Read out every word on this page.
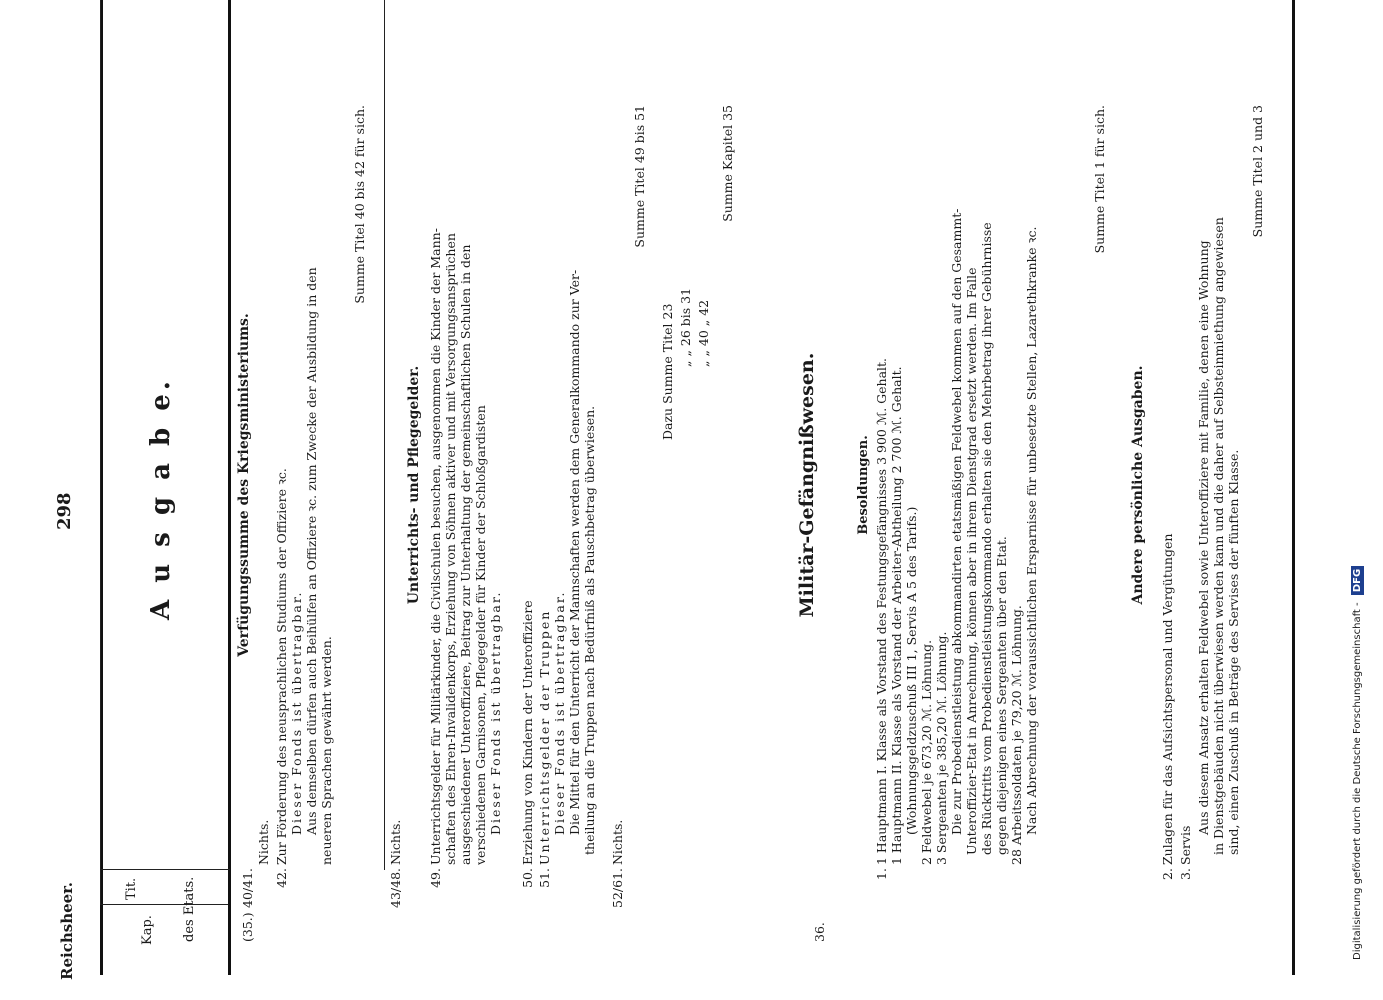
Reichsheer.
298
Kap.
Tit.	des Etats.
A u s g a b e.
(35.)
40/41.
Verfügungssumme des Kriegsministeriums.
Nichts.
42.
Zur Förderung des neusprachlichen Studiums der Offiziere ꝛc. Dieser Fonds ist übertragbar. Aus demselben dürfen auch Beihülfen an Offiziere ꝛc. zum Zwecke der Ausbildung in den neueren Sprachen gewährt werden.
Summe Titel 40 bis 42 für sich.
43/48.
Nichts.
Unterrichts- und Pflegegelder.
49.
Unterrichtsgelder für Militärkinder, die Civilschulen besuchen, ausgenommen die Kinder der Mann- schaften des Ehren-Invalidenkorps, Erziehung von Söhnen aktiver und mit Versorgungsansprüchen ausgeschiedener Unteroffiziere, Beitrag zur Unterhaltung der gemeinschaftlichen Schulen in den verschiedenen Garnisonen, Pflegegelder für Kinder der Schloßgardisten Dieser Fonds ist übertragbar.
50.
Erziehung von Kindern der Unteroffiziere
51.
Unterrichtsgelder der Truppen Dieser Fonds ist übertragbar. Die Mittel für den Unterricht der Mannschaften werden dem Generalkommando zur Ver- theilung an die Truppen nach Bedürfniß als Pauschbetrag überwiesen.
52/61.
Nichts.
Summe Titel 49 bis 51
Dazu Summe Titel 23 „ „ 26 bis 31 „ „ 40 „ 42
Summe Kapitel 35
36.
Militär-Gefängnißwesen.	Besoldungen.
1.
1 Hauptmann I. Klasse als Vorstand des Festungsgefängnisses 3 900 ℳ. Gehalt. 1 Hauptmann II. Klasse als Vorstand der Arbeiter-Abtheilung 2 700 ℳ. Gehalt. (Wohnungsgeldzuschuß III 1, Servis A 5 des Tarifs.) 2 Feldwebel je 673,20 ℳ. Löhnung. 3 Sergeanten je 385,20 ℳ. Löhnung. Die zur Probedienstleistung abkommandirten etatsmäßigen Feldwebel kommen auf den Gesammt- Unteroffizier-Etat in Anrechnung, können aber in ihrem Dienstgrad ersetzt werden. Im Falle des Rücktritts vom Probedienstleistungskommando erhalten sie den Mehrbetrag ihrer Gebührnisse gegen diejenigen eines Sergeanten über den Etat. 28 Arbeitssoldaten je 79,20 ℳ. Löhnung. Nach Abrechnung der voraussichtlichen Ersparnisse für unbesetzte Stellen, Lazarethkranke ꝛc.
Summe Titel 1 für sich.
Andere persönliche Ausgaben.
2.
Zulagen für das Aufsichtspersonal und Vergütungen
3.
Servis
Aus diesem Ansatz erhalten Feldwebel sowie Unteroffiziere mit Familie, denen eine Wohnung in Dienstgebäuden nicht überwiesen werden kann und die daher auf Selbsteinmiethung angewiesen sind, einen Zuschuß in Beträge des Servises der fünften Klasse.
Summe Titel 2 und 3
Digitalisierung gefördert durch die Deutsche Forschungsgemeinschaft - DFG
